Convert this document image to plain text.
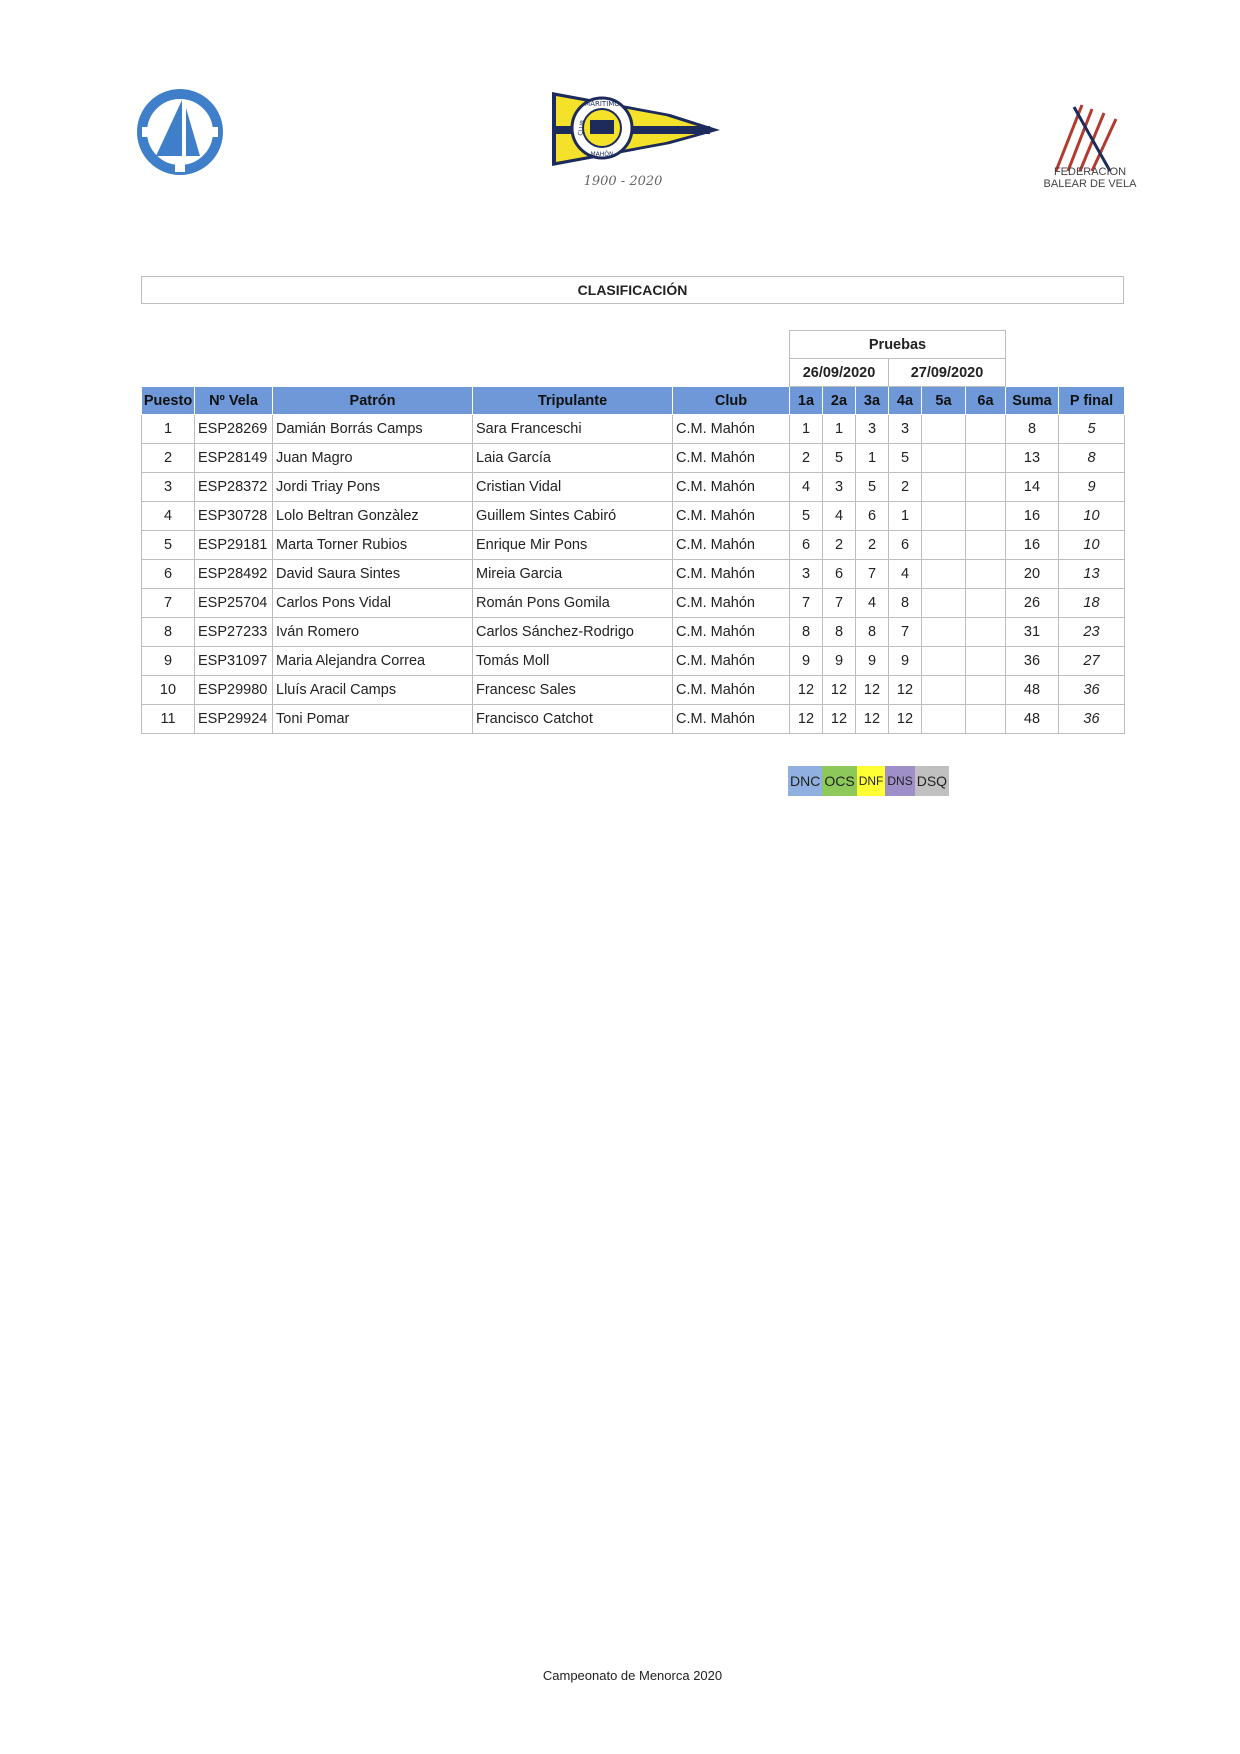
MARÍTIMO
CLUB
MAHÓN
1900 - 2020
FEDERACION
BALEAR DE VELA
CLASIFICACIÓN
					Pruebas							
					26/09/2020			27/09/2020				
Puesto	Nº Vela	Patrón	Tripulante	Club	1a	2a	3a	4a	5a	6a	Suma	P final
1	ESP28269	Damián Borrás Camps	Sara Franceschi	C.M. Mahón	1	1	3	3			8	5
2	ESP28149	Juan Magro	Laia García	C.M. Mahón	2	5	1	5			13	8
3	ESP28372	Jordi Triay Pons	Cristian Vidal	C.M. Mahón	4	3	5	2			14	9
4	ESP30728	Lolo Beltran Gonzàlez	Guillem Sintes Cabiró	C.M. Mahón	5	4	6	1			16	10
5	ESP29181	Marta Torner Rubios	Enrique Mir Pons	C.M. Mahón	6	2	2	6			16	10
6	ESP28492	David Saura Sintes	Mireia Garcia	C.M. Mahón	3	6	7	4			20	13
7	ESP25704	Carlos Pons Vidal	Román Pons Gomila	C.M. Mahón	7	7	4	8			26	18
8	ESP27233	Iván Romero	Carlos Sánchez-Rodrigo	C.M. Mahón	8	8	8	7			31	23
9	ESP31097	Maria Alejandra Correa	Tomás Moll	C.M. Mahón	9	9	9	9			36	27
10	ESP29980	Lluís Aracil Camps	Francesc Sales	C.M. Mahón	12	12	12	12			48	36
11	ESP29924	Toni Pomar	Francisco Catchot	C.M. Mahón	12	12	12	12			48	36
DNC OCS DNF DNS DSQ
Campeonato de Menorca 2020
